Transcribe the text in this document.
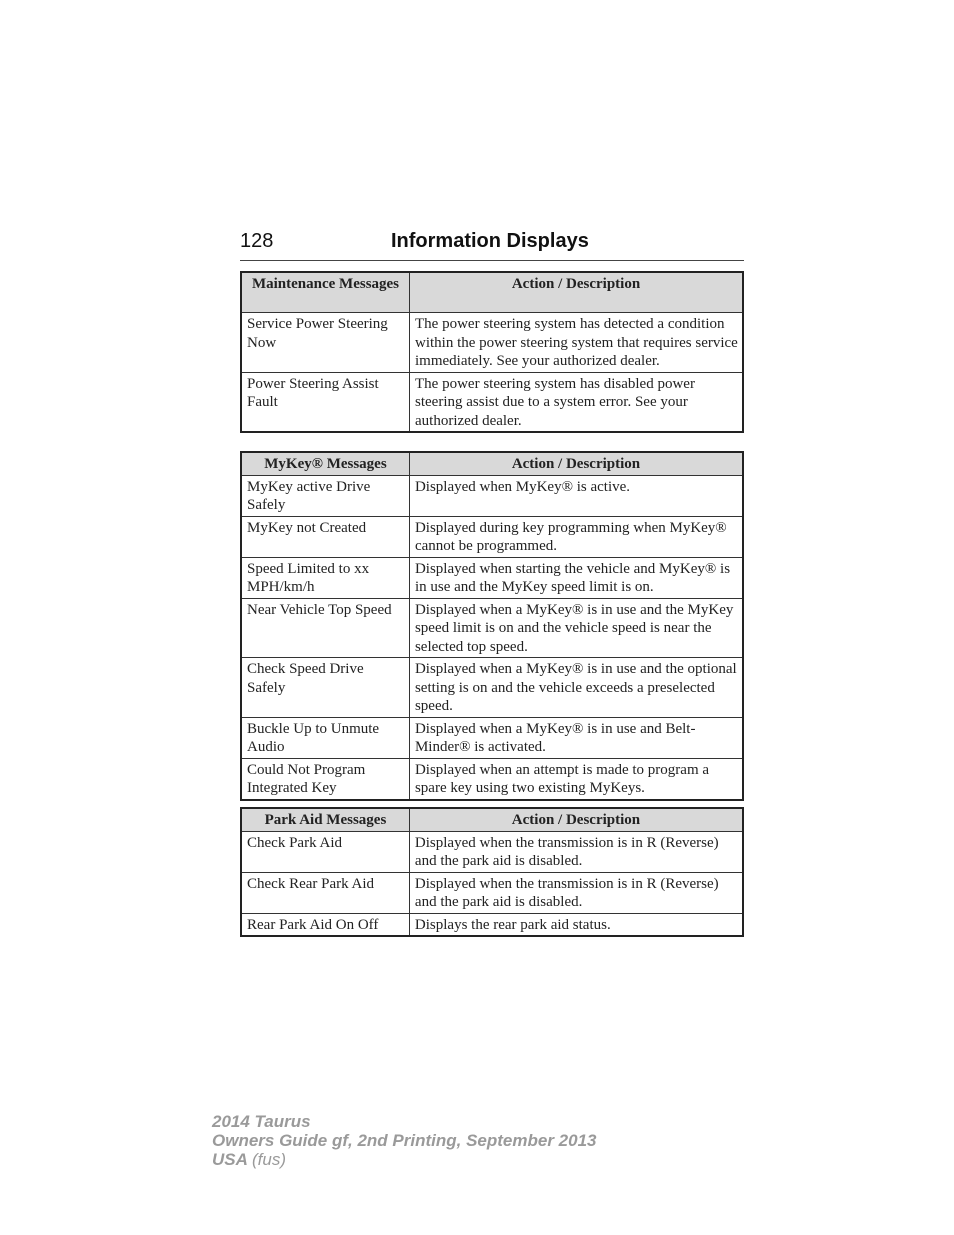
128	Information Displays
Maintenance Messages	Action / Description
Service Power Steering Now	The power steering system has detected a condition within the power steering system that requires service immediately. See your authorized dealer.
Power Steering Assist Fault	The power steering system has disabled power steering assist due to a system error. See your authorized dealer.
MyKey® Messages	Action / Description
MyKey active Drive Safely	Displayed when MyKey® is active.
MyKey not Created	Displayed during key programming when MyKey® cannot be programmed.
Speed Limited to xx MPH/km/h	Displayed when starting the vehicle and MyKey® is in use and the MyKey speed limit is on.
Near Vehicle Top Speed	Displayed when a MyKey® is in use and the MyKey speed limit is on and the vehicle speed is near the selected top speed.
Check Speed Drive Safely	Displayed when a MyKey® is in use and the optional setting is on and the vehicle exceeds a preselected speed.
Buckle Up to Unmute Audio	Displayed when a MyKey® is in use and Belt-Minder® is activated.
Could Not Program Integrated Key	Displayed when an attempt is made to program a spare key using two existing MyKeys.
Park Aid Messages	Action / Description
Check Park Aid	Displayed when the transmission is in R (Reverse) and the park aid is disabled.
Check Rear Park Aid	Displayed when the transmission is in R (Reverse) and the park aid is disabled.
Rear Park Aid On Off	Displays the rear park aid status.
2014 Taurus
Owners Guide gf, 2nd Printing, September 2013
USA (fus)
